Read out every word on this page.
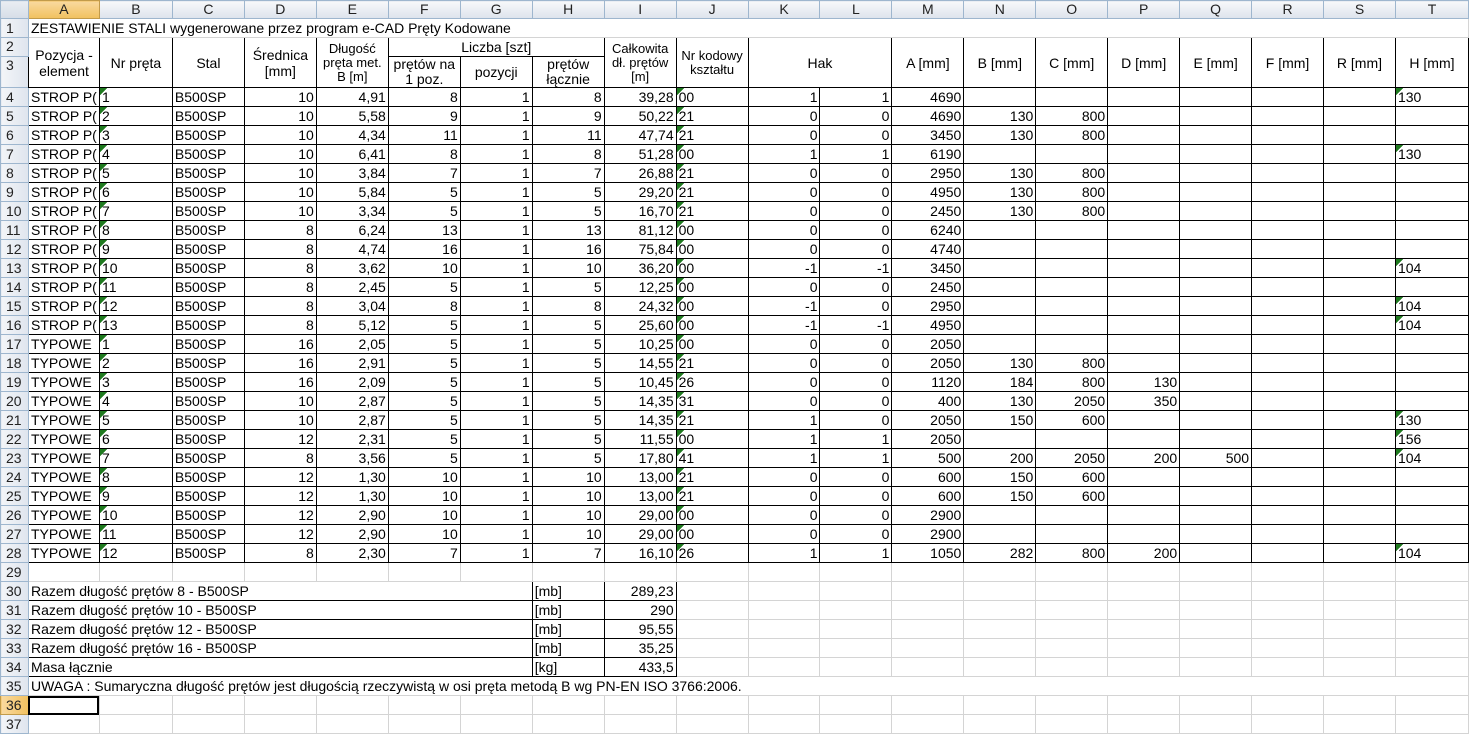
	A	B	C	D	E	F	G	H	I	J	K	L	M	N	O	P	Q	R	S	T
1	ZESTAWIENIE STALI wygenerowane przez program e-CAD Pręty Kodowane																			
2	Pozycja - element	Nr pręta	Stal	Średnica [mm]	Długość pręta met. B [m]	Liczba [szt]			Całkowita dł. prętów [m]	Nr kodowy kształtu	Hak		A [mm]	B [mm]	C [mm]	D [mm]	E [mm]	F [mm]	R [mm]	H [mm]
3						prętów na 1 poz.	pozycji	prętów łącznie												
4	STROP P(	1	B500SP	10	4,91	8	1	8	39,28	00	1	1	4690							130
5	STROP P(	2	B500SP	10	5,58	9	1	9	50,22	21	0	0	4690	130	800					
6	STROP P(	3	B500SP	10	4,34	11	1	11	47,74	21	0	0	3450	130	800					
7	STROP P(	4	B500SP	10	6,41	8	1	8	51,28	00	1	1	6190							130
8	STROP P(	5	B500SP	10	3,84	7	1	7	26,88	21	0	0	2950	130	800					
9	STROP P(	6	B500SP	10	5,84	5	1	5	29,20	21	0	0	4950	130	800					
10	STROP P(	7	B500SP	10	3,34	5	1	5	16,70	21	0	0	2450	130	800					
11	STROP P(	8	B500SP	8	6,24	13	1	13	81,12	00	0	0	6240							
12	STROP P(	9	B500SP	8	4,74	16	1	16	75,84	00	0	0	4740							
13	STROP P(	10	B500SP	8	3,62	10	1	10	36,20	00	-1	-1	3450							104
14	STROP P(	11	B500SP	8	2,45	5	1	5	12,25	00	0	0	2450							
15	STROP P(	12	B500SP	8	3,04	8	1	8	24,32	00	-1	0	2950							104
16	STROP P(	13	B500SP	8	5,12	5	1	5	25,60	00	-1	-1	4950							104
17	TYPOWE	1	B500SP	16	2,05	5	1	5	10,25	00	0	0	2050							
18	TYPOWE	2	B500SP	16	2,91	5	1	5	14,55	21	0	0	2050	130	800					
19	TYPOWE	3	B500SP	16	2,09	5	1	5	10,45	26	0	0	1120	184	800	130				
20	TYPOWE	4	B500SP	10	2,87	5	1	5	14,35	31	0	0	400	130	2050	350				
21	TYPOWE	5	B500SP	10	2,87	5	1	5	14,35	21	1	0	2050	150	600					130
22	TYPOWE	6	B500SP	12	2,31	5	1	5	11,55	00	1	1	2050							156
23	TYPOWE	7	B500SP	8	3,56	5	1	5	17,80	41	1	1	500	200	2050	200	500			104
24	TYPOWE	8	B500SP	12	1,30	10	1	10	13,00	21	0	0	600	150	600					
25	TYPOWE	9	B500SP	12	1,30	10	1	10	13,00	21	0	0	600	150	600					
26	TYPOWE	10	B500SP	12	2,90	10	1	10	29,00	00	0	0	2900							
27	TYPOWE	11	B500SP	12	2,90	10	1	10	29,00	00	0	0	2900							
28	TYPOWE	12	B500SP	8	2,30	7	1	7	16,10	26	1	1	1050	282	800	200				104
29																				
30	Razem długość prętów 8 - B500SP							[mb]	289,23											
31	Razem długość prętów 10 - B500SP							[mb]	290											
32	Razem długość prętów 12 - B500SP							[mb]	95,55											
33	Razem długość prętów 16 - B500SP							[mb]	35,25											
34	Masa łącznie							[kg]	433,5											
35	UWAGA : Sumaryczna długość prętów jest długością rzeczywistą w osi pręta metodą B wg PN-EN ISO 3766:2006.																			
36																				
37																				
